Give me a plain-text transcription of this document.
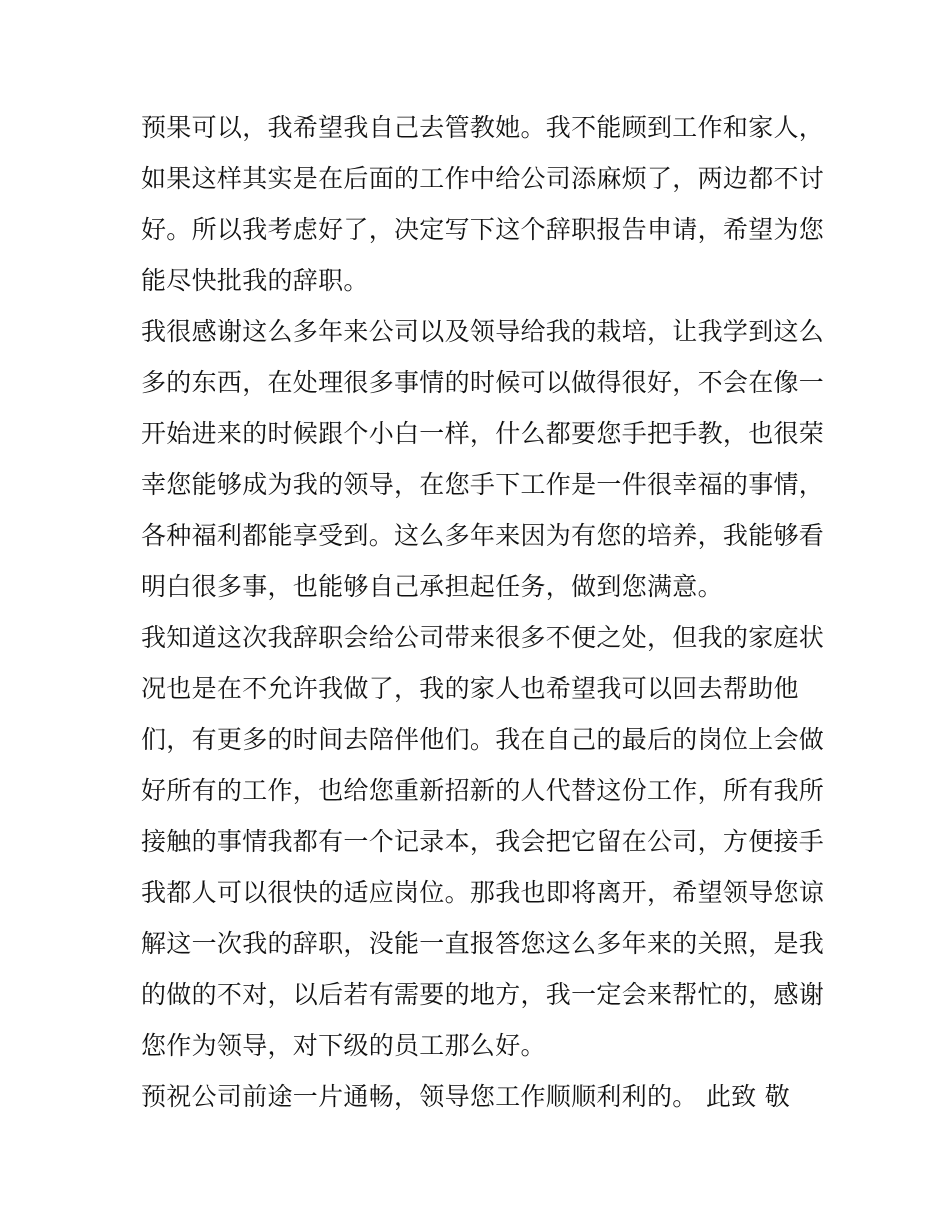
预果可以，我希望我自己去管教她。我不能顾到工作和家人，
如果这样其实是在后面的工作中给公司添麻烦了，两边都不讨
好。所以我考虑好了，决定写下这个辞职报告申请，希望为您
能尽快批我的辞职。
我很感谢这么多年来公司以及领导给我的栽培，让我学到这么
多的东西，在处理很多事情的时候可以做得很好，不会在像一
开始进来的时候跟个小白一样，什么都要您手把手教，也很荣
幸您能够成为我的领导，在您手下工作是一件很幸福的事情，
各种福利都能享受到。这么多年来因为有您的培养，我能够看
明白很多事，也能够自己承担起任务，做到您满意。
我知道这次我辞职会给公司带来很多不便之处，但我的家庭状
况也是在不允许我做了，我的家人也希望我可以回去帮助他
们，有更多的时间去陪伴他们。我在自己的最后的岗位上会做
好所有的工作，也给您重新招新的人代替这份工作，所有我所
接触的事情我都有一个记录本，我会把它留在公司，方便接手
我都人可以很快的适应岗位。那我也即将离开，希望领导您谅
解这一次我的辞职，没能一直报答您这么多年来的关照，是我
的做的不对，以后若有需要的地方，我一定会来帮忙的，感谢
您作为领导，对下级的员工那么好。
预祝公司前途一片通畅，领导您工作顺顺利利的。 此致 敬
